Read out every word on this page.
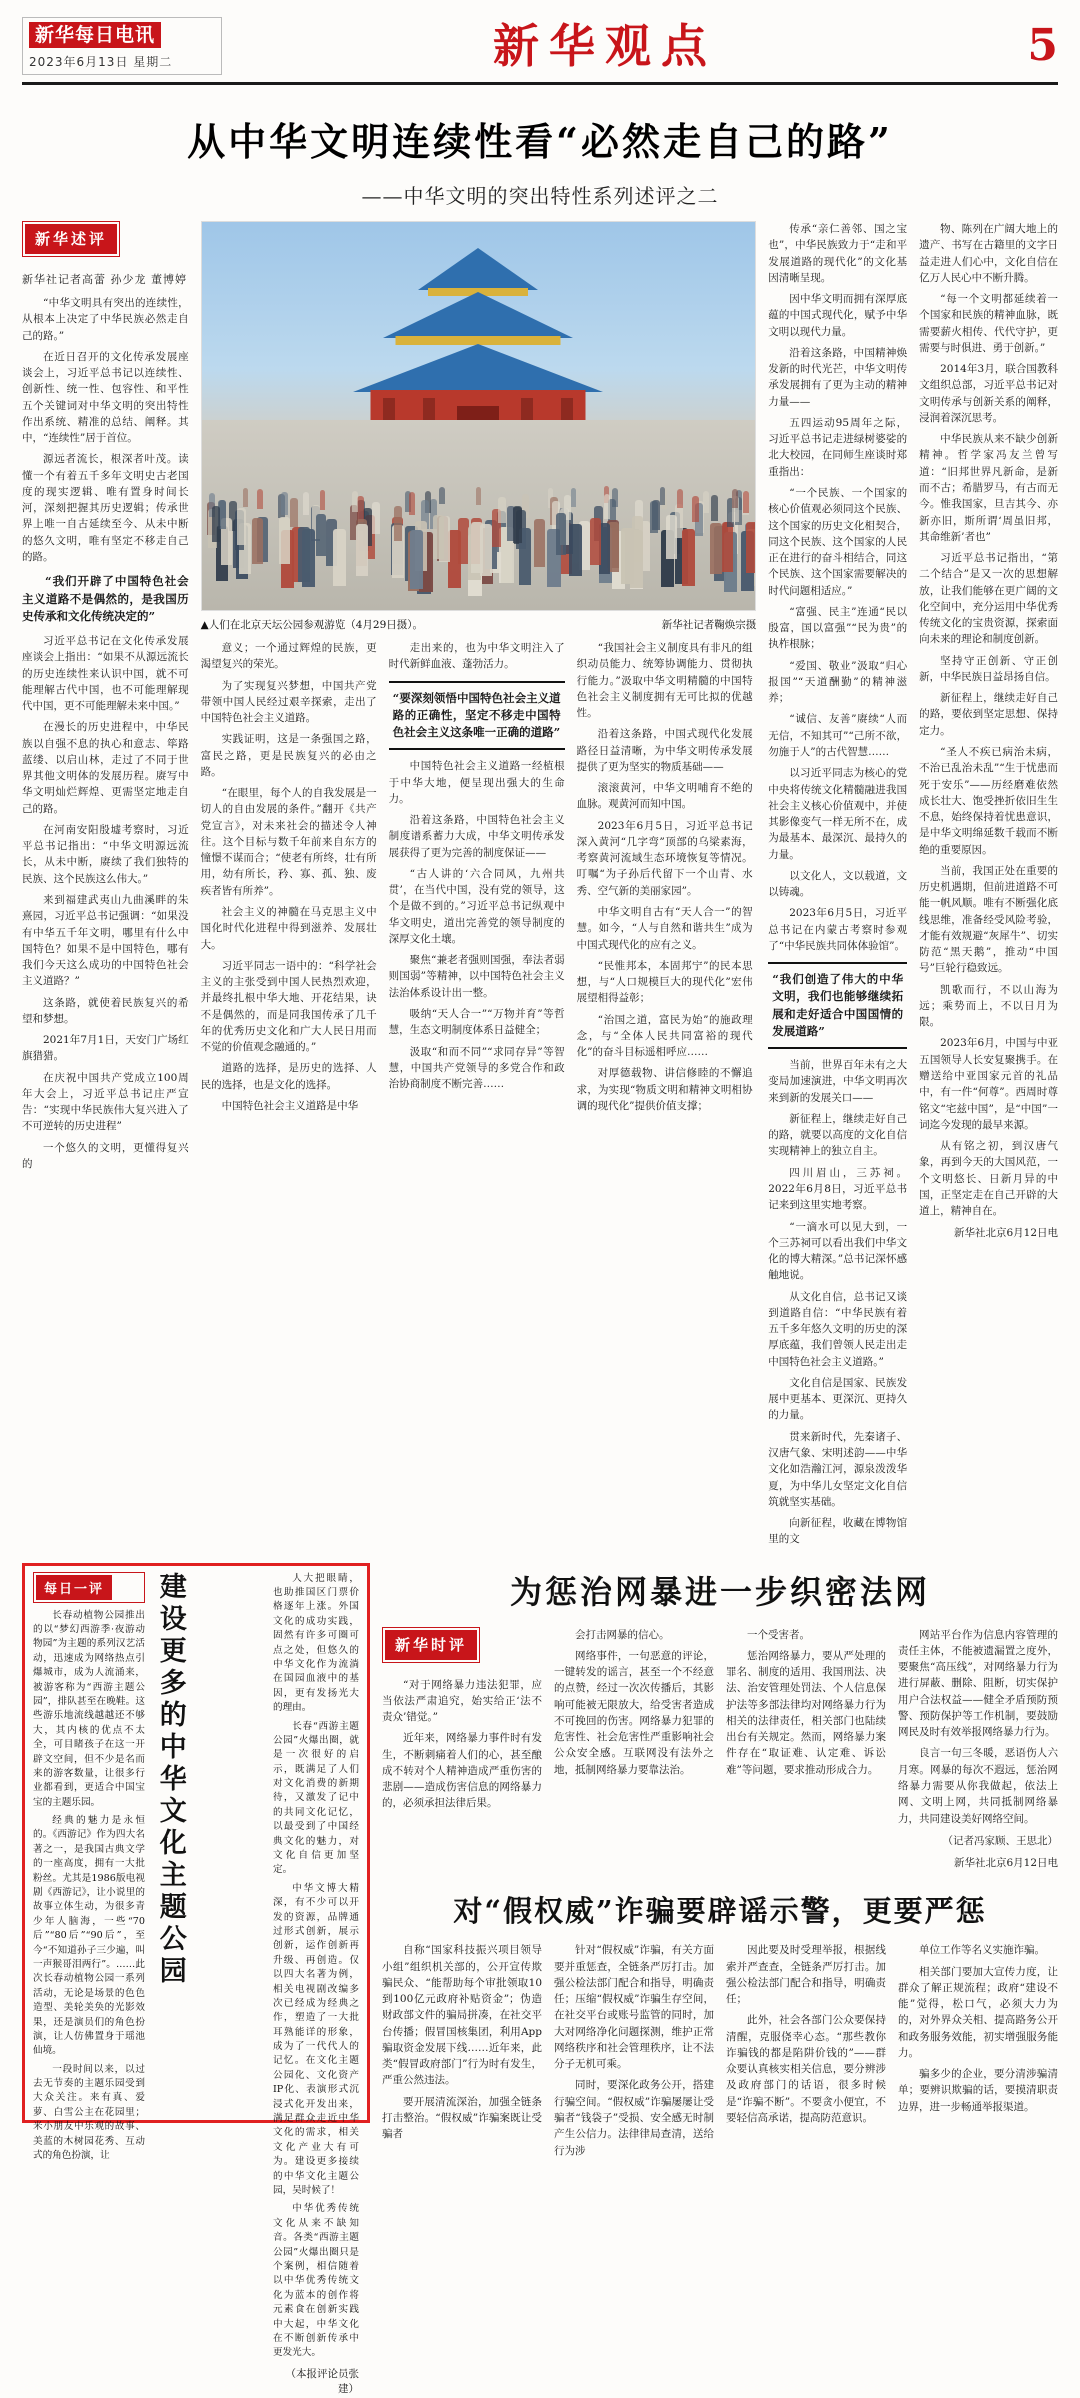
新华每日电讯
2023年6月13日 星期二	新华观点	5
从中华文明连续性看“必然走自己的路”
——中华文明的突出特性系列述评之二
新华述评
新华社记者高蕾 孙少龙 董博婷

“中华文明具有突出的连续性，从根本上决定了中华民族必然走自己的路。”

在近日召开的文化传承发展座谈会上，习近平总书记以连续性、创新性、统一性、包容性、和平性五个关键词对中华文明的突出特性作出系统、精准的总结、阐释。其中，“连续性”居于首位。

源远者流长，根深者叶茂。读懂一个有着五千多年文明史古老国度的现实逻辑、唯有置身时间长河，深刻把握其历史逻辑；传承世界上唯一自古延续至今、从未中断的悠久文明，唯有坚定不移走自己的路。

“我们开辟了中国特色社会主义道路不是偶然的，是我国历史传承和文化传统决定的”

习近平总书记在文化传承发展座谈会上指出：“如果不从源远流长的历史连续性来认识中国，就不可能理解古代中国，也不可能理解现代中国，更不可能理解未来中国。”

在漫长的历史进程中，中华民族以自强不息的执心和意志、筚路蓝缕、以启山林，走过了不同于世界其他文明体的发展历程。赓写中华文明灿烂辉煌、更需坚定地走自己的路。

在河南安阳殷墟考察时，习近平总书记指出：“中华文明源远流长，从未中断，赓续了我们独特的民族、这个民族这么伟大。”

来到福建武夷山九曲溪畔的朱熹园，习近平总书记强调：“如果没有中华五千年文明，哪里有什么中国特色？如果不是中国特色，哪有我们今天这么成功的中国特色社会主义道路？”

这条路，就使着民族复兴的希望和梦想。

2021年7月1日，天安门广场红旗猎猎。

在庆祝中国共产党成立100周年大会上，习近平总书记庄严宣告：“实现中华民族伟大复兴进入了不可逆转的历史进程”

一个悠久的文明，更懂得复兴的

▲人们在北京天坛公园参观游览（4月29日摄）。	新华社记者鞠焕宗摄

意义；一个通过辉煌的民族，更渴望复兴的荣光。

为了实现复兴梦想，中国共产党带领中国人民经过艰辛探索，走出了中国特色社会主义道路。

实践证明，这是一条强国之路，富民之路，更是民族复兴的必由之路。

“在眼里，每个人的自我发展是一切人的自由发展的条件。”翻开《共产党宣言》，对未来社会的描述令人神往。这个目标与数千年前来自东方的憧憬不谋而合；“使老有所终，壮有所用，幼有所长，矜、寡、孤、独、废疾者皆有所养”。

社会主义的神髓在马克思主义中国化时代化进程中得到滋养、发展壮大。

习近平同志一语中的：“科学社会主义的主张受到中国人民热烈欢迎，并最终扎根中华大地、开花结果，诀不是偶然的，而是同我国传承了几千年的优秀历史文化和广大人民日用而不觉的价值观念融通的。”

道路的选择，是历史的选择、人民的选择，也是文化的选择。

中国特色社会主义道路是中华

走出来的，也为中华文明注入了时代新鲜血液、蓬勃活力。

“要深刻领悟中国特色社会主义道路的正确性，坚定不移走中国特色社会主义这条唯一正确的道路”

中国特色社会主义道路一经植根于中华大地，便呈现出强大的生命力。

沿着这条路，中国特色社会主义制度谱系蓄力大成，中华文明传承发展获得了更为完善的制度保证——

“古人讲的‘六合同风，九州共贯’，在当代中国，没有党的领导，这个是做不到的。”习近平总书记纵观中华文明史，道出完善党的领导制度的深厚文化土壤。

聚焦“兼老者强则国强，奉法者弱则国弱”等精神，以中国特色社会主义法治体系设计出一整。

吸纳“天人合一”“万物并育”等哲慧，生态文明制度体系日益健全；

汲取“和而不同”“求同存异”等智慧，中国共产党领导的多党合作和政治协商制度不断完善……

“我国社会主义制度具有非凡的组织动员能力、统筹协调能力、贯彻执行能力。”汲取中华文明精髓的中国特色社会主义制度拥有无可比拟的优越性。

沿着这条路，中国式现代化发展路径日益清晰，为中华文明传承发展提供了更为坚实的物质基础——

滚滚黄河，中华文明哺育不绝的血脉。观黄河而知中国。

2023年6月5日，习近平总书记深入黄河“几字弯”顶部的乌梁素海，考察黄河流域生态环境恢复等情况。叮嘱“为子孙后代留下一个山青、水秀、空气新的美丽家园”。

中华文明自古有“天人合一”的智慧。如今，“人与自然和谐共生”成为中国式现代化的应有之义。

“民惟邦本，本固邦宁”的民本思想，与“人口规模巨大的现代化”宏伟展望相得益彰；

“治国之道，富民为始”的施政理念，与“全体人民共同富裕的现代化”的奋斗目标遥相呼应……

对厚德载物、讲信修睦的不懈追求，为实现“物质文明和精神文明相协调的现代化”提供价值支撑；

传承“亲仁善邻、国之宝也”，中华民族致力于“走和平发展道路的现代化”的文化基因清晰呈现。

因中华文明而拥有深厚底蕴的中国式现代化，赋予中华文明以现代力量。

沿着这条路，中国精神焕发新的时代光芒，中华文明传承发展拥有了更为主动的精神力量——

五四运动95周年之际，习近平总书记走进绿树婆娑的北大校园，在同师生座谈时郑重指出：

“一个民族、一个国家的核心价值观必须同这个民族、这个国家的历史文化相契合，同这个民族、这个国家的人民正在进行的奋斗相结合，同这个民族、这个国家需要解决的时代问题相适应。”

“富强、民主”连通“民以殷富，国以富强”“民为贵”的执柞根脉；

“爱国、敬业”汲取“归心报国”“天道酬勤”的精神滋养；

“诚信、友善”赓续“人而无信，不知其可”“己所不欲，勿施于人”的古代智慧……

以习近平同志为核心的党中央将传统文化精髓融进我国社会主义核心价值观中，并使其影像变气一样无所不在，成为最基本、最深沉、最持久的力量。

以文化人，文以载道，文以铸魂。

2023年6月5日，习近平总书记在内蒙古考察时参观了“中华民族共同体体验馆”。

“我们创造了伟大的中华文明，我们也能够继续拓展和走好适合中国国情的发展道路”

当前，世界百年未有之大变局加速演进，中华文明再次来到新的发展关口——

新征程上，继续走好自己的路，就要以高度的文化自信实现精神上的独立自主。

四川眉山，三苏祠。2022年6月8日，习近平总书记来到这里实地考察。

“一滴水可以见大到，一个三苏祠可以看出我们中华文化的博大精深。”总书记深怀感触地说。

从文化自信，总书记又谈到道路自信：“中华民族有着五千多年悠久文明的历史的深厚底蕴，我们曾领人民走出走中国特色社会主义道路。”

文化自信是国家、民族发展中更基本、更深沉、更持久的力量。

贯来新时代，先秦诸子、汉唐气象、宋明述韵——中华文化如浩瀚江河，源泉泼泼华夏，为中华儿女坚定文化自信筑就坚实基础。

向新征程，收藏在博物馆里的文

物、陈列在广阔大地上的遗产、书写在古籍里的文字日益走进人们心中，文化自信在亿万人民心中不断升腾。

“每一个文明都延续着一个国家和民族的精神血脉，既需要薪火相传、代代守护，更需要与时俱进、勇于创新。”

2014年3月，联合国教科文组织总部，习近平总书记对文明传承与创新关系的阐释，浸润着深沉思考。

中华民族从来不缺少创新精神。哲学家冯友兰曾写道：“旧邦世界凡新命，是新而不古；希腊罗马，有古而无今。惟我国家，旦吉其今、亦新亦旧，斯所谓‘周虽旧邦，其命维新’者也”

习近平总书记指出，“第二个结合”是又一次的思想解放，让我们能够在更广阔的文化空间中，充分运用中华优秀传统文化的宝贵资源，探索面向未来的理论和制度创新。

坚持守正创新、守正创新，中华民族日益昂扬自信。

新征程上，继续走好自己的路，要依到坚定思想、保持定力。

“圣人不疾已病治未病，不治已乱治未乱”“生于忧患而死于安乐”——历经磨难依然成长壮大、饱受挫折依旧生生不息，始终保持着忧患意识，是中华文明绵延数千载而不断绝的重要原因。

当前，我国正处在重要的历史机遇期，但前进道路不可能一帆风顺。唯有不断强化底线思维，准备经受风险考验，才能有效规避“灰犀牛”、切实防范“黑天鹅”，推动“中国号”巨轮行稳致远。

凯歌而行，不以山海为远；乘势而上，不以日月为限。

2023年6月，中国与中亚五国领导人长安复聚携手。在赠送给中亚国家元首的礼品中，有一件“何尊”。西周时尊铭文“宅兹中国”，是“中国”一词迄今发现的最早来源。

从有铭之初，到汉唐气象，再到今天的大国风范，一个文明悠长、日新月异的中国，正坚定走在自己开辟的大道上，精神自在。

新华社北京6月12日电
每日一评

长春动植物公园推出的以“梦幻西游季·夜游动物园”为主题的系列汉艺活动，迅速成为网络热点引爆城市，成为人流涌来，被游客称为“西游主题公园”，排队甚至在晚鞋。这些游乐地流线越越还不够大，其内核的优点不太全，可目睹孩子在这一开辟文空间，但不少是名而来的游客数量，让很多行业都看到，更适合中国宝宝的主题乐园。

经典的魅力是永恒的。《西游记》作为四大名著之一，是我国古典文学的一座高度，拥有一大批粉丝。尤其是1986版电视剧《西游记》，让小说里的故事立体生动，为很多青少年人脑海，一些“70后”“80后”“90后”，至今“不知道孙子三少遍，叫一声猴哥泪两行”。……此次长春动植物公园一系列活动，无论是场景的色色造型、美轮美奂的光影效果，还是演员们的角色扮演，让人仿佛置身于瑶池仙境。

一段时间以来，以过去无节奏的主题乐园受到大众关注。来有真、爱萝、白雪公主在花园里；米小朋友中乐观的故事、美蓝的木树园花秀、互动式的角色扮演，让

建设更多的中华文化主题公园	人大把眼睛，也助推国区门票价格逐年上涨。外国文化的成功实践，固然有许多可圈可点之处，但悠久的中华文化作为流淌在国园血液中的基因，更有发扬光大的理由。

长春“西游主题公园”火爆出圈，就是一次很好的启示，既满足了人们对文化消费的新期待，又激发了记中的共同文化记忆，以最受到了中国经典文化的魅力，对文化自信更加坚定。

中华文博大精深，有不少可以开发的资源，品牌通过形式创新，展示创新，运作创新再升级、再创造。仅以四大名著为例，相关电视剧改编多次已经成为经典之作，塑造了一大批耳熟能详的形象，成为了一代代人的记忆。在文化主题公园化、文化资产IP化、表演形式沉浸式化开发出来，满足群众走近中华文化的需求，相关文化产业大有可为。建设更多接续的中华文化主题公园，吴时候了！

中华优秀传统文化从来不缺知音。各类“西游主题公园”火爆出圈只是个案例，相信随着以中华优秀传统文化为蓝本的创作将元素食在创新实践中大起，中华文化在不断创新传承中更发光大。

（本报评论员张建）
为惩治网暴进一步织密法网
新华时评

“对于网络暴力违法犯罪，应当依法严肃追究，始实给正‘法不责众’错觉。”

近年来，网络暴力事件时有发生，不断刺痛着人们的心，甚至酿成不转对个人精神造成严重伤害的悲剧——造成伤害信息的网络暴力的，必须承担法律后果。

会打击网暴的信心。

网络事件，一句恶意的评论，一键转发的谣言，甚至一个不经意的点赞，经过一次次传播后，其影响可能被无限放大，给受害者造成不可挽回的伤害。网络暴力犯罪的危害性、社会危害性严重影响社会公众安全感。互联网没有法外之地，抵制网络暴力要靠法治。

一个受害者。

惩治网络暴力，要从严处理的罪名、制度的适用、我国刑法、决法、治安管理处罚法、个人信息保护法等多部法律均对网络暴力行为相关的法律责任，相关部门也陆续出台有关规定。然而，网络暴力案件存在“取证难、认定难、诉讼难”等问题，要求推动形成合力。

网站平台作为信息内容管理的责任主体，不能被遗漏置之度外，要聚焦“高压线”，对网络暴力行为进行屏蔽、删除、阻断，切实保护用户合法权益——健全矛盾预防预警、预防保护等工作机制，要鼓励网民及时有效举报网络暴力行为。

良言一句三冬暖，恶语伤人六月寒。网暴的每次不遐远，惩治网络暴力需要从你我做起，依法上网、文明上网，共同抵制网络暴力，共同建设美好网络空间。

（记者冯家顾、王思北）
新华社北京6月12日电
对“假权威”诈骗要辟谣示警，更要严惩

自称“国家科技振兴项目领导小组”组织机关部的，公开宣传欺骗民众、“能帮助每个审批领取10到100亿元政府补贴资金”；伪造财政部文件的骗局拼凑，在社交平台传播；假冒国核集团，利用App骗取资金发展下线……近年来，此类“假冒政府部门”行为时有发生，严重公然违法。

要开展清流深治，加强全链条打击整治。“假权威”诈骗案既让受骗者

针对“假权威”诈骗，有关方面要并重惩查，全链条严厉打击。加强公检法部门配合和指导，明确责任；压缩“假权威”诈骗生存空间，在社交平台或账号监管的同时，加大对网络净化问题探测，维护正常网络秩序和社会管理秩序，让不法分子无机可乘。

同时，要深化政务公开，搭建行骗空间。“假权威”诈骗屡屡让受骗者“钱袋子”受损、安全感无时制产生公信力。法律律局查清，送给行为涉

因此要及时受理举报，根据线索并严查查，全链条严厉打击。加强公检法部门配合和指导，明确责任；

此外，社会各部门公众要保持清醒，克服侥幸心态。“那些教你诈骗钱的都是陷阱价钱的”——群众要认真核实相关信息，要分辨涉及政府部门的话语，很多时候是“诈骗不断”。不要贪小便宜，不要轻信高承诺，提高防范意识。

单位工作等名义实施诈骗。

相关部门要加大宣传力度，让群众了解正规流程；政府“建设不能”觉得，松口气，必须大力为的，对外界众关相、提高路务公开和政务服务效能，初实增强服务能力。

骗多少的企业，要分清涉骗清单；要辨识欺骗的话，要摸清职责边界，进一步畅通举报渠道。
